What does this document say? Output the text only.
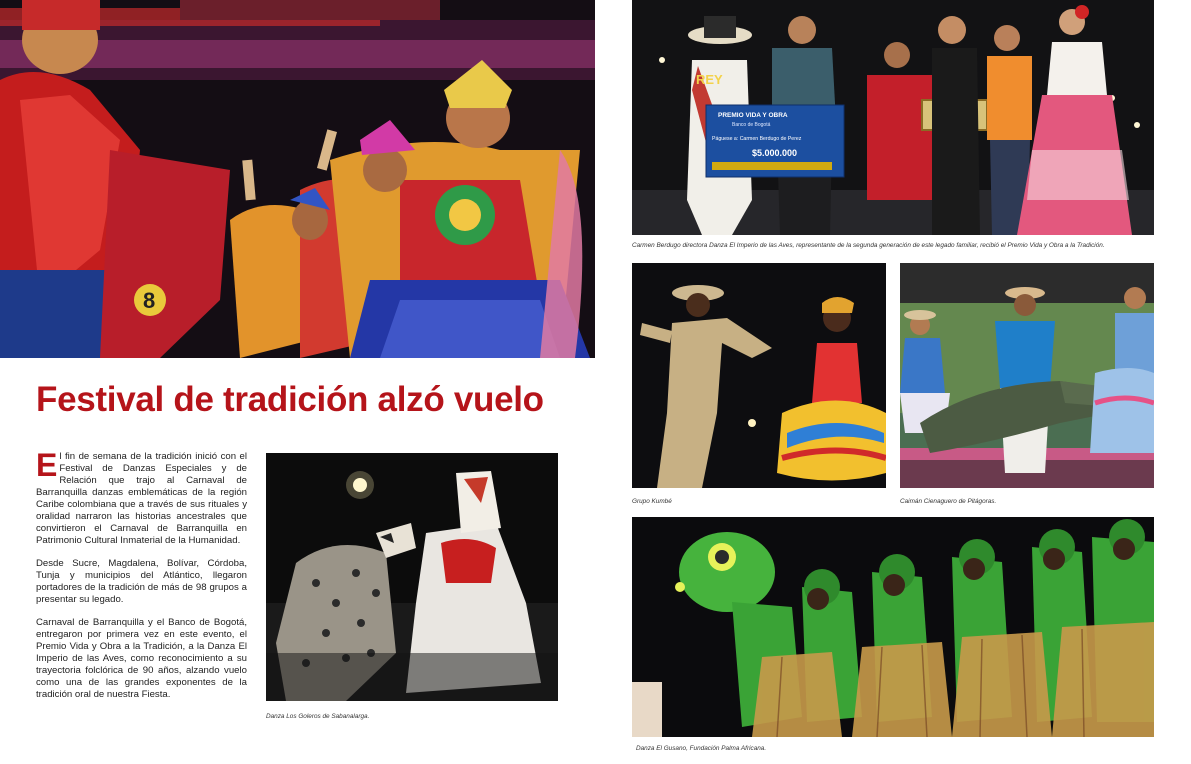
8
Festival de tradición alzó vuelo

El fin de semana de la tradición inició con el Festival de Danzas Especiales y de Relación que trajo al Carnaval de Barranquilla danzas emblemáticas de la región Caribe colombiana que a través de sus rituales y oralidad narraron las historias ancestrales que convirtieron el Carnaval de Barranquilla en Patrimonio Cultural Inmaterial de la Humanidad.

Desde Sucre, Magdalena, Bolívar, Córdoba, Tunja y municipios del Atlántico, llegaron portadores de la tradición de más de 98 grupos a presentar su legado.

Carnaval de Barranquilla y el Banco de Bogotá, entregaron por primera vez en este evento, el Premio Vida y Obra a la Tradición, a la Danza El Imperio de las Aves, como reconocimiento a su trayectoria folclórica de 90 años, alzando vuelo como una de las grandes exponentes de la tradición oral de nuestra Fiesta.

Danza Los Goleros de Sabanalarga.
REY
PREMIO VIDA Y OBRA
Banco de Bogotá
Páguese a: Carmen Berdugo de Perez
$5.000.000
Carmen Berdugo directora Danza El Imperio de las Aves, representante de la segunda generación de este legado familiar, recibió el Premio Vida y Obra a la Tradición.
Grupo Kumbé	Caimán Cienaguero de Pitágoras.
Danza El Gusano, Fundación Palma Africana.
